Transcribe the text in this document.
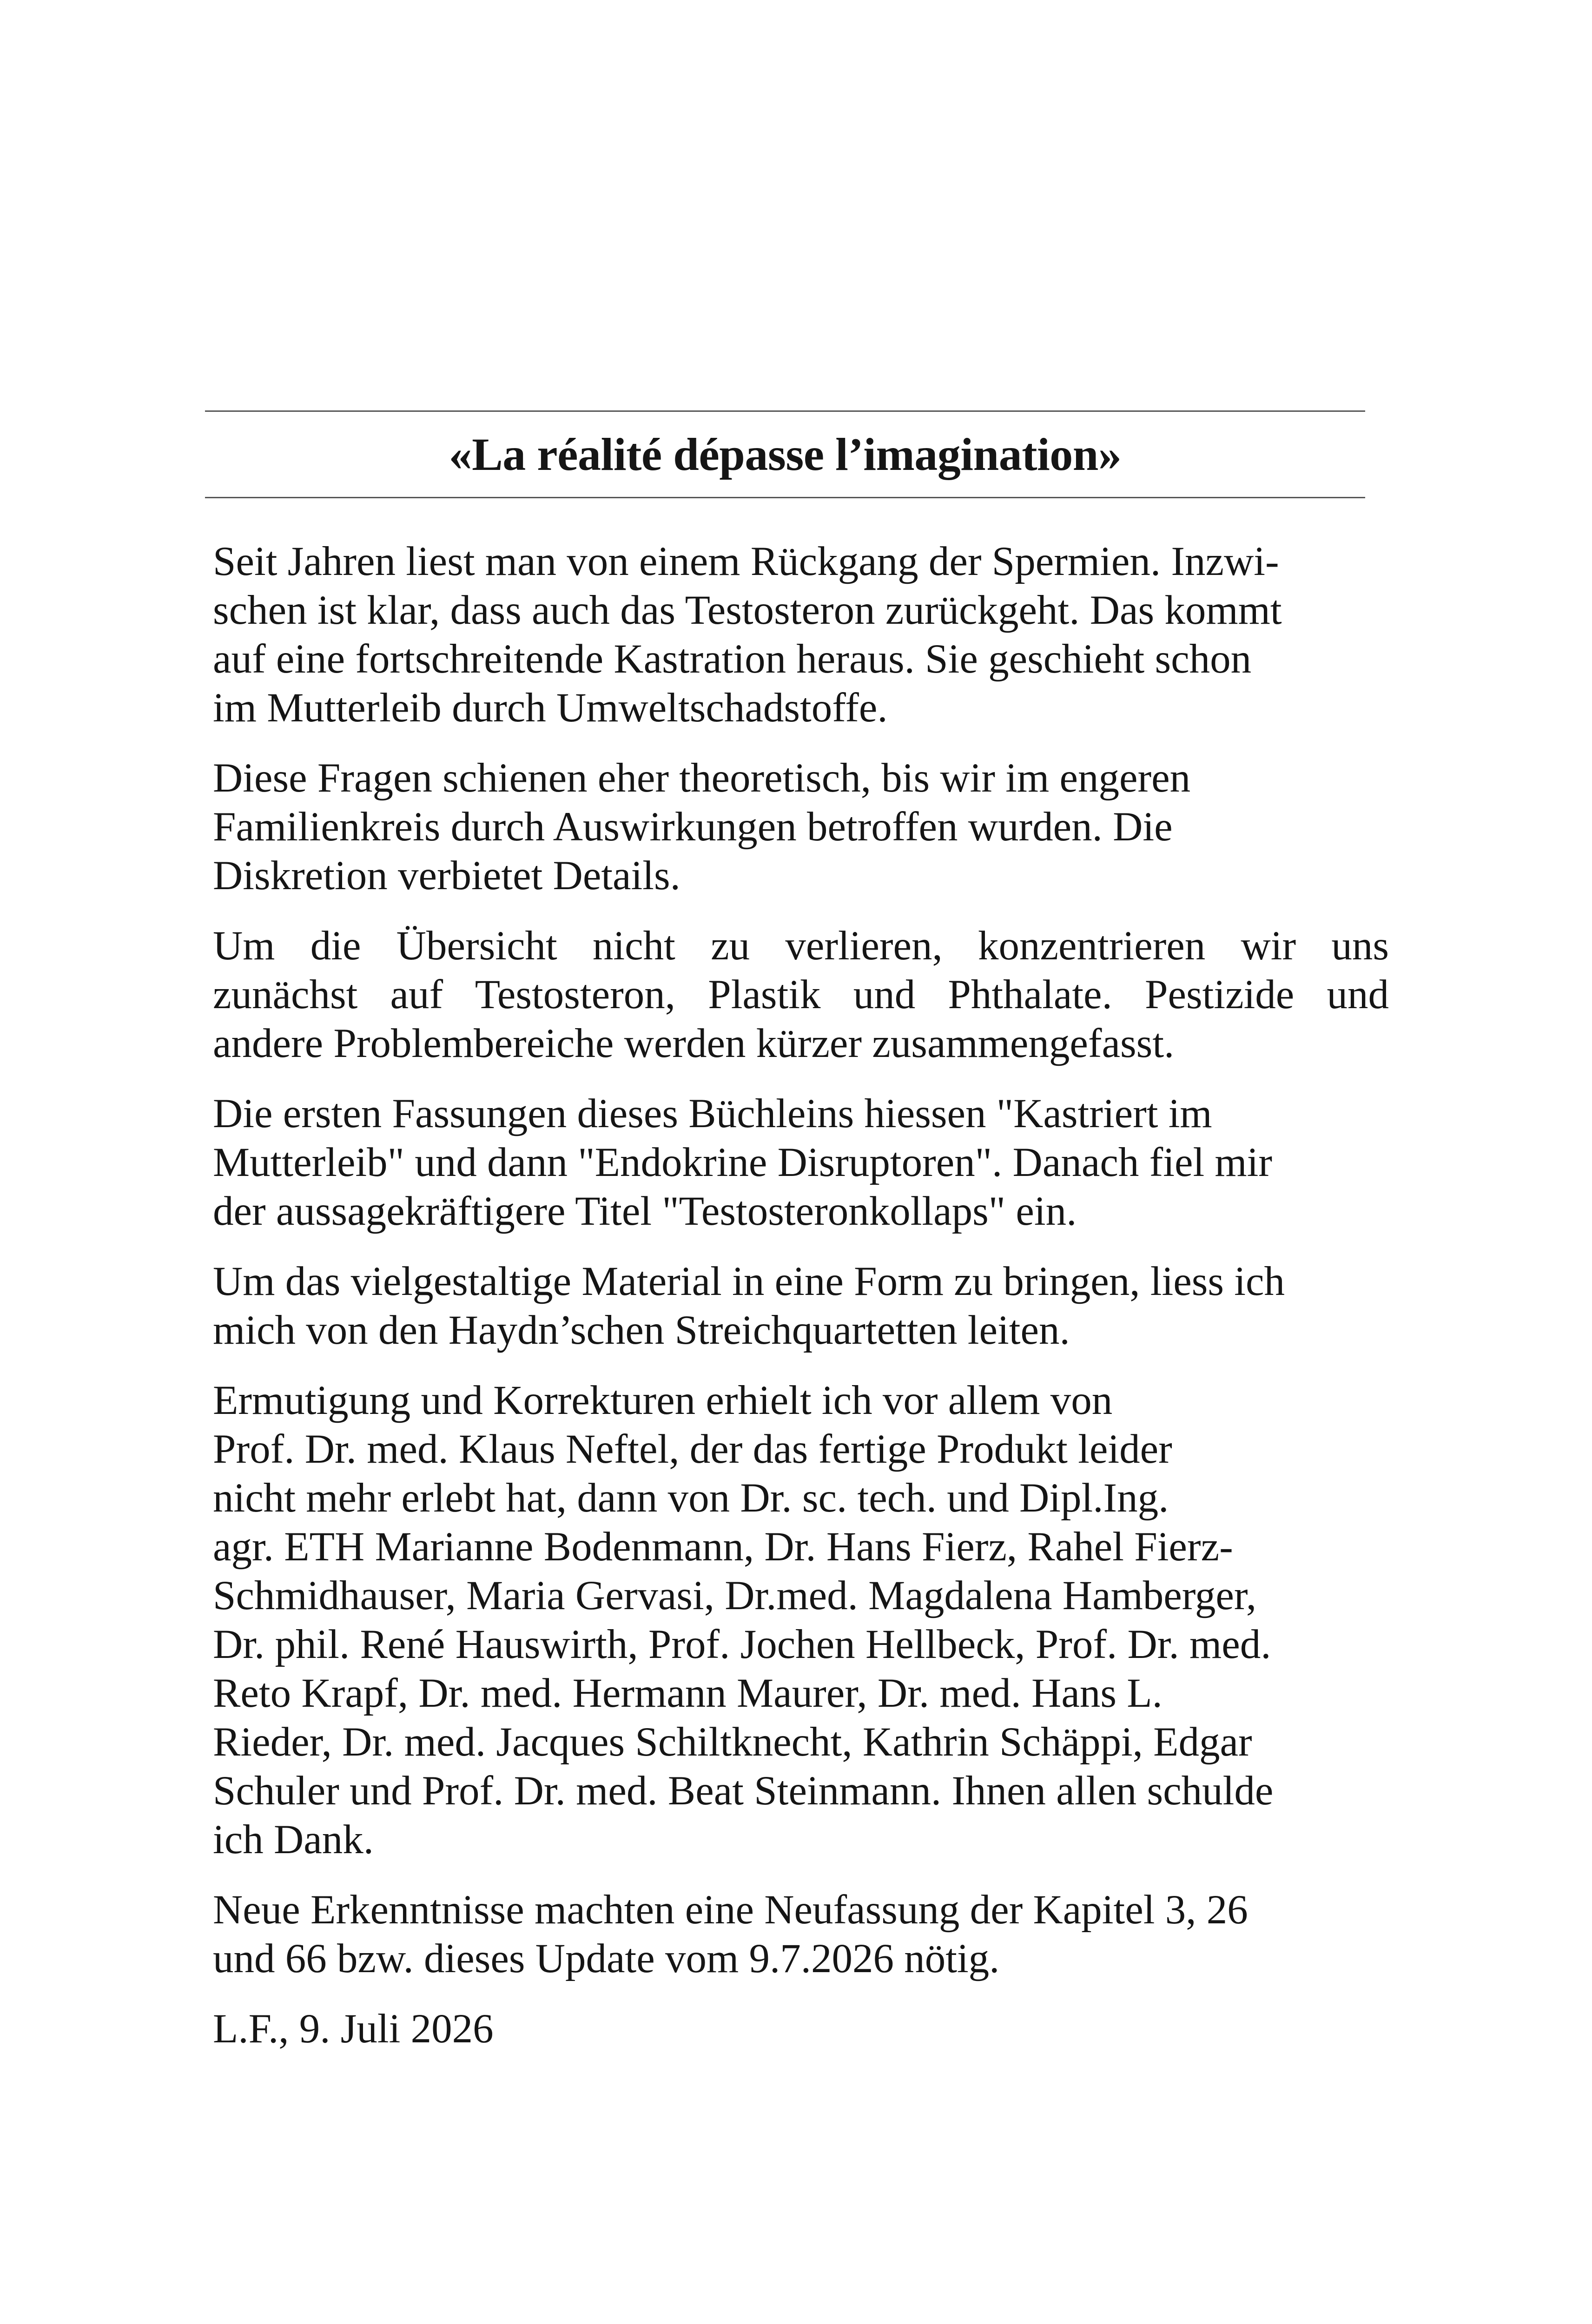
«La réalité dépasse l’imagination»
Seit Jahren liest man von einem Rückgang der Spermien. Inzwi-
schen ist klar, dass auch das Testosteron zurückgeht. Das kommt
auf eine fortschreitende Kastration heraus. Sie geschieht schon
im Mutterleib durch Umweltschadstoffe.
Diese Fragen schienen eher theoretisch, bis wir im engeren
Familienkreis durch Auswirkungen betroffen wurden. Die
Diskretion verbietet Details.
Um die Übersicht nicht zu verlieren, konzentrieren wir uns
zunächst auf Testosteron, Plastik und Phthalate. Pestizide und
andere Problembereiche werden kürzer zusammengefasst.
Die ersten Fassungen dieses Büchleins hiessen "Kastriert im
Mutterleib" und dann "Endokrine Disruptoren". Danach fiel mir
der aussagekräftigere Titel "Testosteronkollaps" ein.
Um das vielgestaltige Material in eine Form zu bringen, liess ich
mich von den Haydn’schen Streichquartetten leiten.
Ermutigung und Korrekturen erhielt ich vor allem von
Prof. Dr. med. Klaus Neftel, der das fertige Produkt leider
nicht mehr erlebt hat, dann von Dr. sc. tech. und Dipl.Ing.
agr. ETH Marianne Bodenmann, Dr. Hans Fierz, Rahel Fierz-
Schmidhauser, Maria Gervasi, Dr.med. Magdalena Hamberger,
Dr. phil. René Hauswirth, Prof. Jochen Hellbeck, Prof. Dr. med.
Reto Krapf, Dr. med. Hermann Maurer, Dr. med. Hans L.
Rieder, Dr. med. Jacques Schiltknecht, Kathrin Schäppi, Edgar
Schuler und Prof. Dr. med. Beat Steinmann. Ihnen allen schulde
ich Dank.
Neue Erkenntnisse machten eine Neufassung der Kapitel 3, 26
und 66 bzw. dieses Update vom 9.7.2026 nötig.
L.F., 9. Juli 2026
